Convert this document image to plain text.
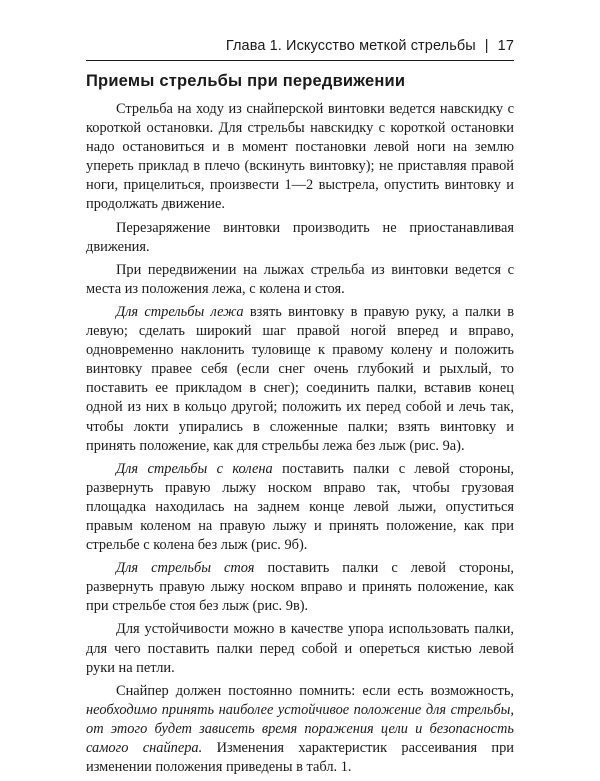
Глава 1. Искусство меткой стрельбы | 17
Приемы стрельбы при передвижении

Стрельба на ходу из снайперской винтовки ведется навскидку с короткой остановки. Для стрельбы навскидку с короткой остановки надо остановиться и в момент постановки левой ноги на землю упереть приклад в плечо (вскинуть винтовку); не приставляя правой ноги, прицелиться, произвести 1—2 выстрела, опустить винтовку и продолжать движение.

Перезаряжение винтовки производить не приостанавливая движения.

При передвижении на лыжах стрельба из винтовки ведется с места из положения лежа, с колена и стоя.

Для стрельбы лежа взять винтовку в правую руку, а палки в левую; сделать широкий шаг правой ногой вперед и вправо, одновременно наклонить туловище к правому колену и положить винтовку правее себя (если снег очень глубокий и рыхлый, то поставить ее прикладом в снег); соединить палки, вставив конец одной из них в кольцо другой; положить их перед собой и лечь так, чтобы локти упирались в сложенные палки; взять винтовку и принять положение, как для стрельбы лежа без лыж (рис. 9а).

Для стрельбы с колена поставить палки с левой стороны, развернуть правую лыжу носком вправо так, чтобы грузовая площадка находилась на заднем конце левой лыжи, опуститься правым коленом на правую лыжу и принять положение, как при стрельбе с колена без лыж (рис. 9б).

Для стрельбы стоя поставить палки с левой стороны, развернуть правую лыжу носком вправо и принять положение, как при стрельбе стоя без лыж (рис. 9в).

Для устойчивости можно в качестве упора использовать палки, для чего поставить палки перед собой и опереться кистью левой руки на петли.

Снайпер должен постоянно помнить: если есть возможность, необходимо принять наиболее устойчивое положение для стрельбы, от этого будет зависеть время поражения цели и безопасность самого снайпера. Изменения характеристик рассеивания при изменении положения приведены в табл. 1.
